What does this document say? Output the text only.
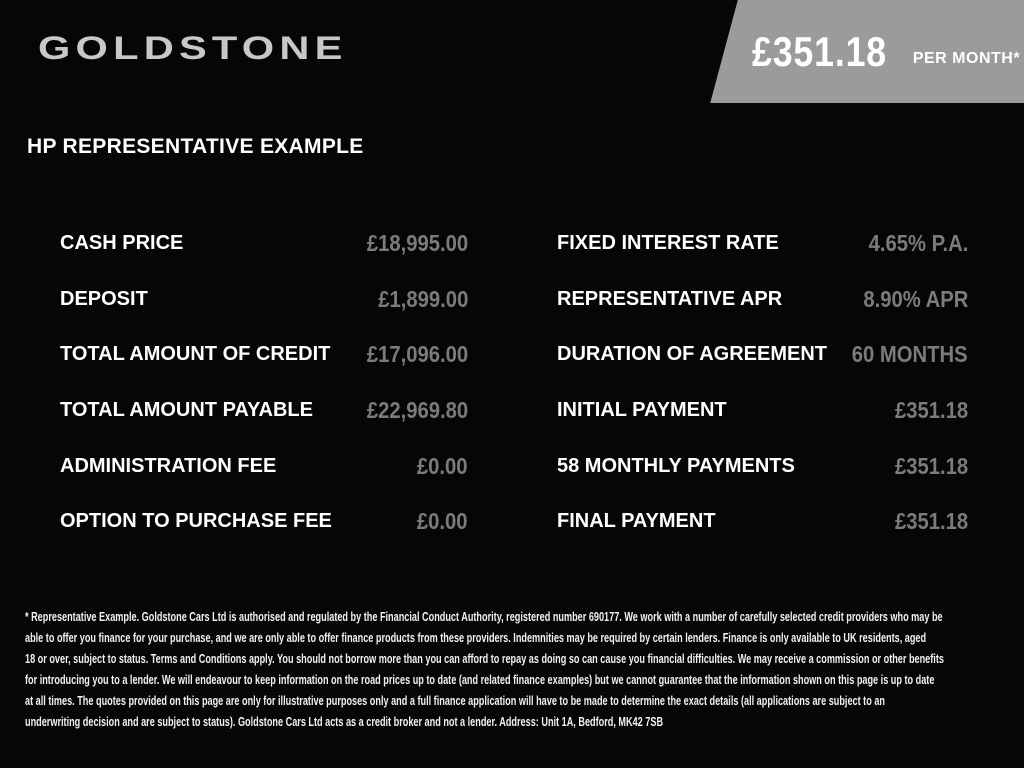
GOLDSTONE	£351.18 PER MONTH*
HP REPRESENTATIVE EXAMPLE
CASH PRICE	£18,995.00
DEPOSIT	£1,899.00
TOTAL AMOUNT OF CREDIT £17,096.00
TOTAL AMOUNT PAYABLE £22,969.80
ADMINISTRATION FEE	£0.00
OPTION TO PURCHASE FEE	£0.00
FIXED INTEREST RATE	4.65% P.A.
REPRESENTATIVE APR	8.90% APR
DURATION OF AGREEMENT 60 MONTHS
INITIAL PAYMENT	£351.18
58 MONTHLY PAYMENTS	£351.18
FINAL PAYMENT	£351.18
* Representative Example. Goldstone Cars Ltd is authorised and regulated by the Financial Conduct Authority, registered number 690177. We work with a number of carefully selected credit providers who may be
able to offer you finance for your purchase, and we are only able to offer finance products from these providers. Indemnities may be required by certain lenders. Finance is only available to UK residents, aged
18 or over, subject to status. Terms and Conditions apply. You should not borrow more than you can afford to repay as doing so can cause you financial difficulties. We may receive a commission or other benefits
for introducing you to a lender. We will endeavour to keep information on the road prices up to date (and related finance examples) but we cannot guarantee that the information shown on this page is up to date
at all times. The quotes provided on this page are only for illustrative purposes only and a full finance application will have to be made to determine the exact details (all applications are subject to an
underwriting decision and are subject to status). Goldstone Cars Ltd acts as a credit broker and not a lender. Address: Unit 1A, Bedford, MK42 7SB
